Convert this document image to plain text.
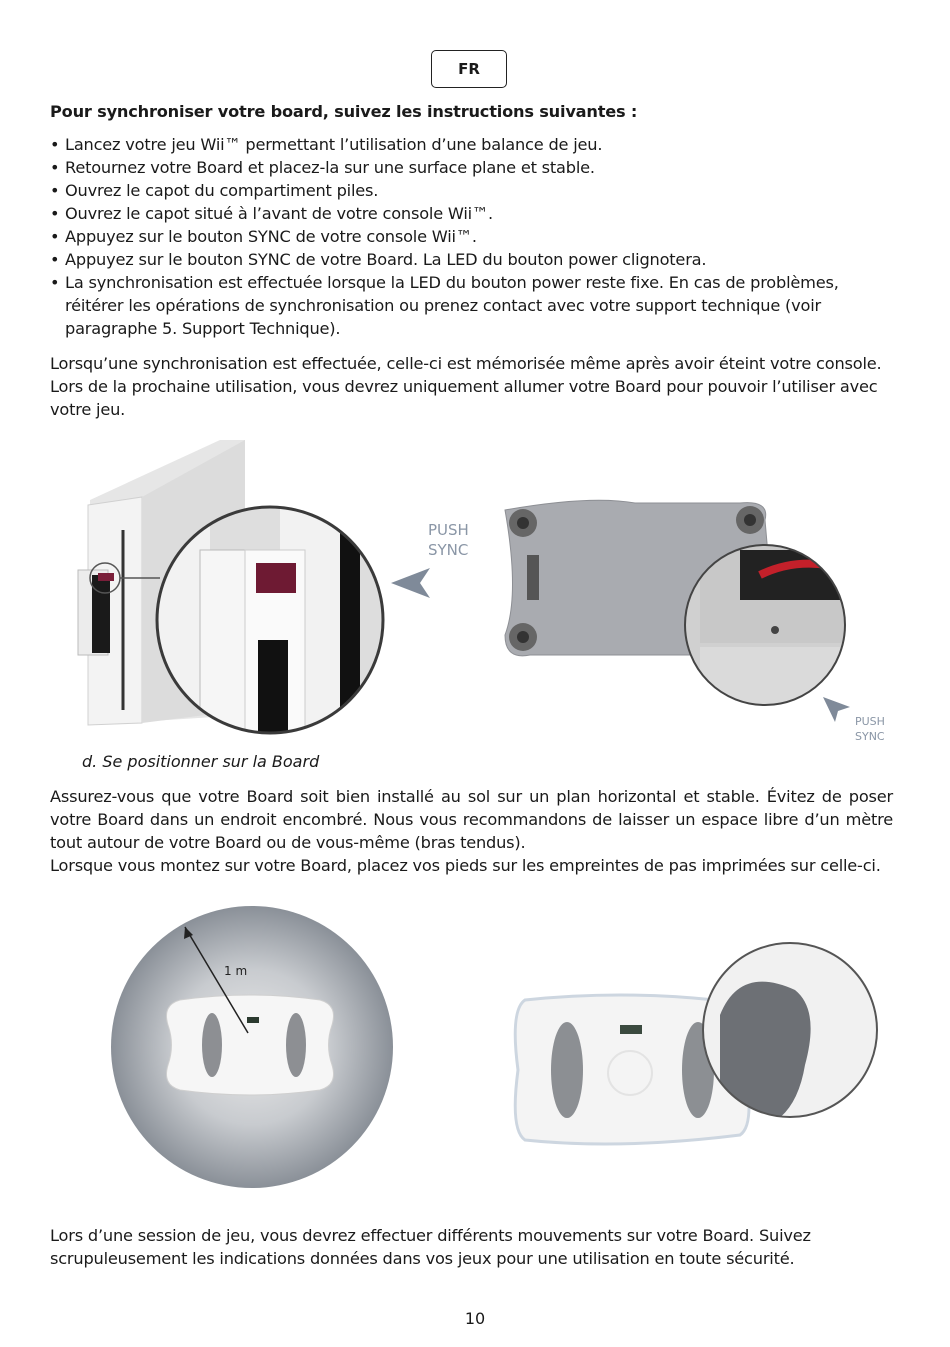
FR
Pour synchroniser votre board, suivez les instructions suivantes :
• Lancez votre jeu Wii™ permettant l’utilisation d’une balance de jeu.
• Retournez votre Board et placez-la sur une surface plane et stable.
• Ouvrez le capot du compartiment piles.
• Ouvrez le capot situé à l’avant de votre console Wii™.
• Appuyez sur le bouton SYNC de votre console Wii™.
• Appuyez sur le bouton SYNC de votre Board. La LED du bouton power clignotera.
• La synchronisation est effectuée lorsque la LED du bouton power reste fixe. En cas de problèmes, réitérer les opérations de synchronisation ou prenez contact avec votre support technique (voir paragraphe 5. Support Technique).
Lorsqu’une synchronisation est effectuée, celle-ci est mémorisée même après avoir éteint votre console. Lors de la prochaine utilisation, vous devrez uniquement allumer votre Board pour pouvoir l’utiliser avec votre jeu.
PUSH
SYNC
PUSH
SYNC
d. Se positionner sur la Board
Assurez-vous que votre Board soit bien installé au sol sur un plan horizontal et stable. Évitez de poser votre Board dans un endroit encombré. Nous vous recommandons de laisser un espace libre d’un mètre tout autour de votre Board ou de vous-même (bras tendus).
Lorsque vous montez sur votre Board, placez vos pieds sur les empreintes de pas imprimées sur celle-ci.
1 m
Lors d’une session de jeu, vous devrez effectuer différents mouvements sur votre Board. Suivez scrupuleusement les indications données dans vos jeux pour une utilisation en toute sécurité.
10
